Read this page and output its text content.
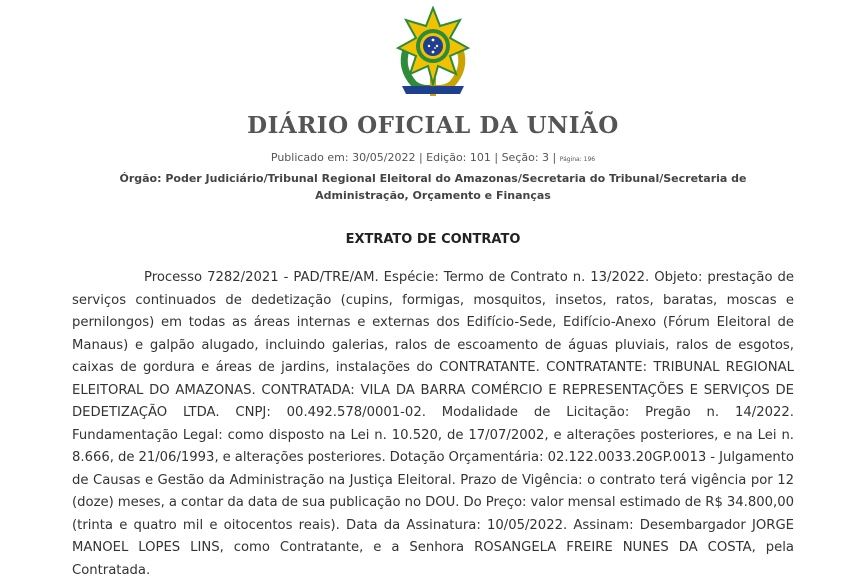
DIÁRIO OFICIAL DA UNIÃO
Publicado em: 30/05/2022 | Edição: 101 | Seção: 3 | Página: 196
Órgão: Poder Judiciário/Tribunal Regional Eleitoral do Amazonas/Secretaria do Tribunal/Secretaria de Administração, Orçamento e Finanças
EXTRATO DE CONTRATO
Processo 7282/2021 - PAD/TRE/AM. Espécie: Termo de Contrato n. 13/2022. Objeto: prestação de serviços continuados de dedetização (cupins, formigas, mosquitos, insetos, ratos, baratas, moscas e pernilongos) em todas as áreas internas e externas dos Edifício-Sede, Edifício-Anexo (Fórum Eleitoral de Manaus) e galpão alugado, incluindo galerias, ralos de escoamento de águas pluviais, ralos de esgotos, caixas de gordura e áreas de jardins, instalações do CONTRATANTE. CONTRATANTE: TRIBUNAL REGIONAL ELEITORAL DO AMAZONAS. CONTRATADA: VILA DA BARRA COMÉRCIO E REPRESENTAÇÕES E SERVIÇOS DE DEDETIZAÇÃO LTDA. CNPJ: 00.492.578/0001-02. Modalidade de Licitação: Pregão n. 14/2022. Fundamentação Legal: como disposto na Lei n. 10.520, de 17/07/2002, e alterações posteriores, e na Lei n. 8.666, de 21/06/1993, e alterações posteriores. Dotação Orçamentária: 02.122.0033.20GP.0013 - Julgamento de Causas e Gestão da Administração na Justiça Eleitoral. Prazo de Vigência: o contrato terá vigência por 12 (doze) meses, a contar da data de sua publicação no DOU. Do Preço: valor mensal estimado de R$ 34.800,00 (trinta e quatro mil e oitocentos reais). Data da Assinatura: 10/05/2022. Assinam: Desembargador JORGE MANOEL LOPES LINS, como Contratante, e a Senhora ROSANGELA FREIRE NUNES DA COSTA, pela Contratada.
